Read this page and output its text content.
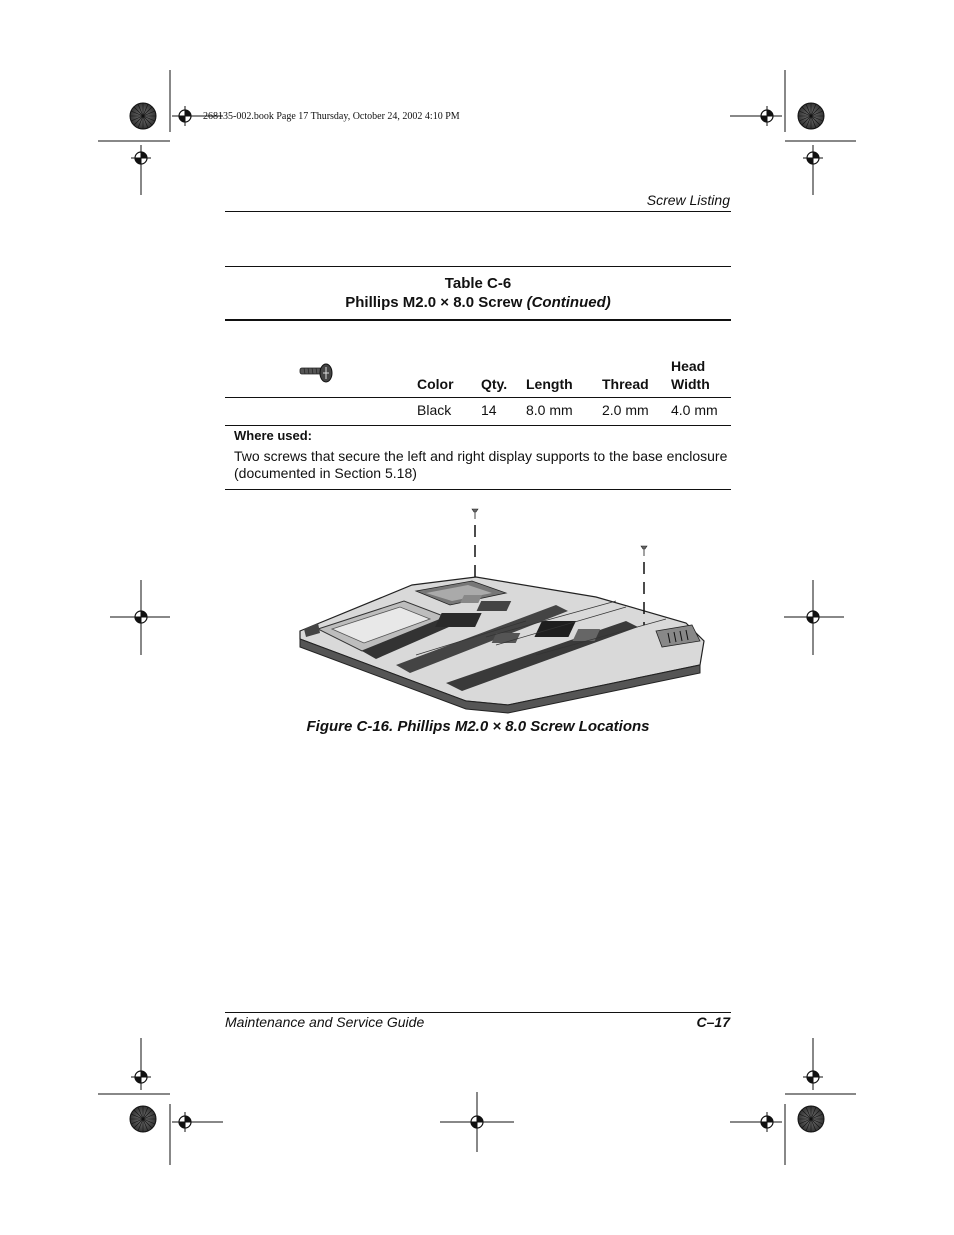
268135-002.book Page 17 Thursday, October 24, 2002 4:10 PM
Screw Listing
Table C-6
Phillips M2.0 × 8.0 Screw (Continued)
Color Qty. Length Thread
Head
Width
Black 14 8.0 mm 2.0 mm 4.0 mm
Where used:
Two screws that secure the left and right display supports to the base enclosure (documented in Section 5.18)
Figure C-16. Phillips M2.0 × 8.0 Screw Locations
Maintenance and Service Guide	C–17
